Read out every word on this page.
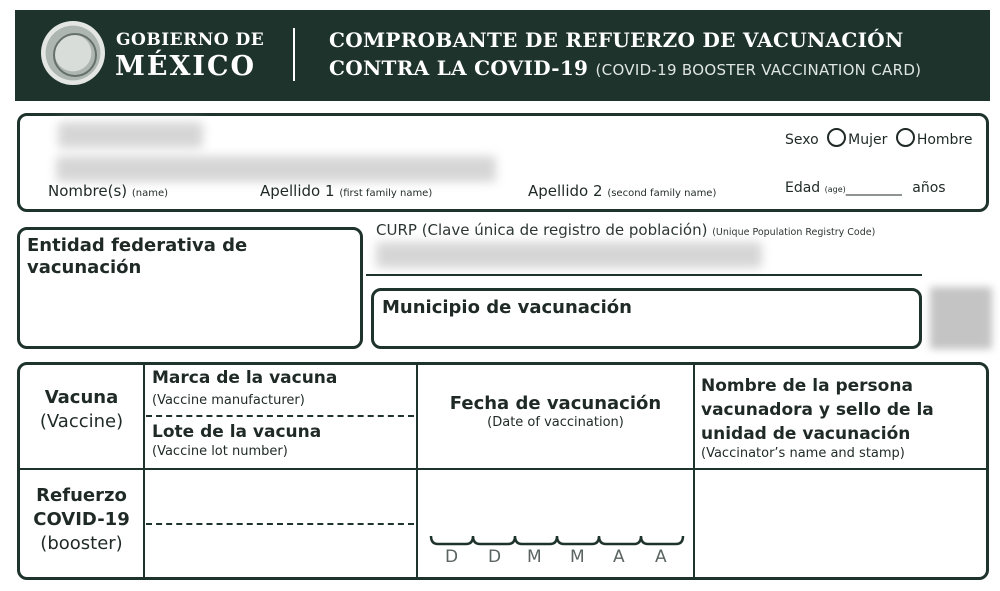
GOBIERNO DE
MÉXICO
COMPROBANTE DE REFUERZO DE VACUNACIÓN
CONTRA LA COVID-19 (COVID-19 BOOSTER VACCINATION CARD)
Nombre(s) (name)	Apellido 1 (first family name)	Apellido 2 (second family name)
Sexo Mujer Hombre
Edad (age)________ años
Entidad federativa de vacunación
CURP (Clave única de registro de población) (Unique Population Registry Code)
Municipio de vacunación
Vacuna
(Vaccine)
Marca de la vacuna
(Vaccine manufacturer)
Lote de la vacuna
(Vaccine lot number)
Fecha de vacunación
(Date of vaccination)
Nombre de la persona
vacunadora y sello de la
unidad de vacunación
(Vaccinator’s name and stamp)
Refuerzo
COVID-19
(booster)
D D M M A A
